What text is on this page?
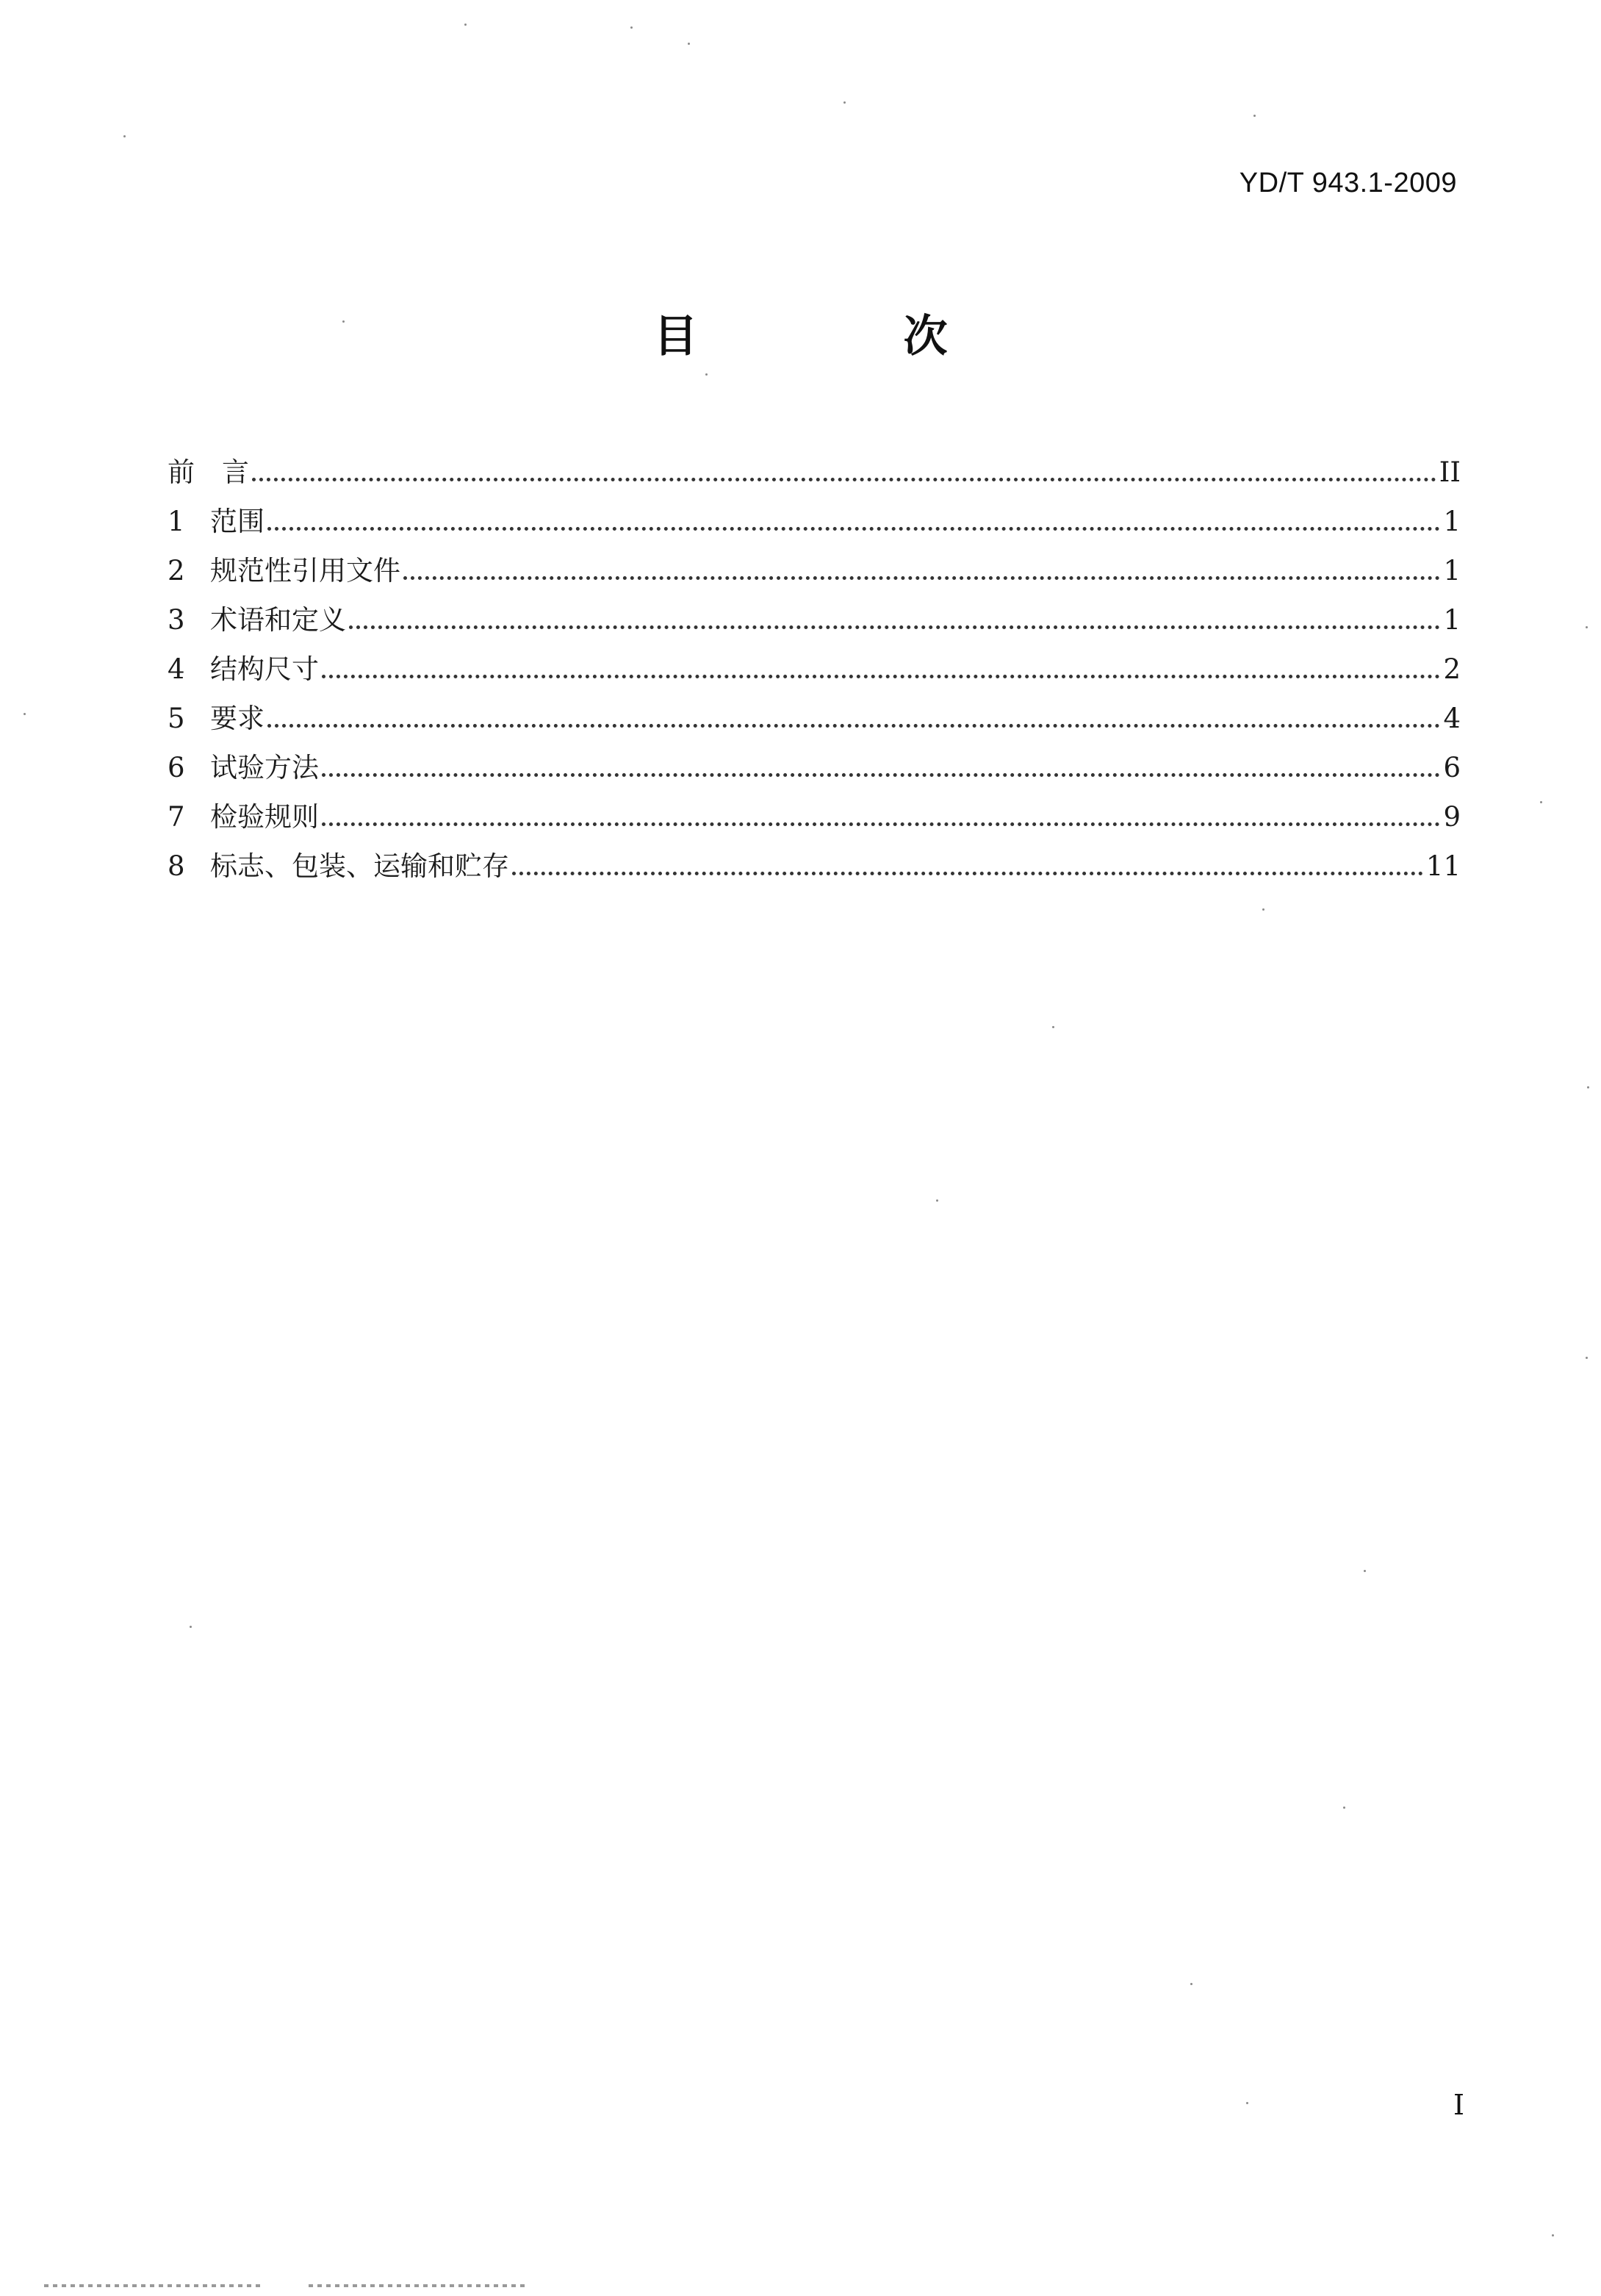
YD/T 943.1-2009
目　次
前　言	II
1 范围	1
2 规范性引用文件	1
3 术语和定义	1
4 结构尺寸	2
5 要求	4
6 试验方法	6
7 检验规则	9
8 标志、包装、运输和贮存	11
I
